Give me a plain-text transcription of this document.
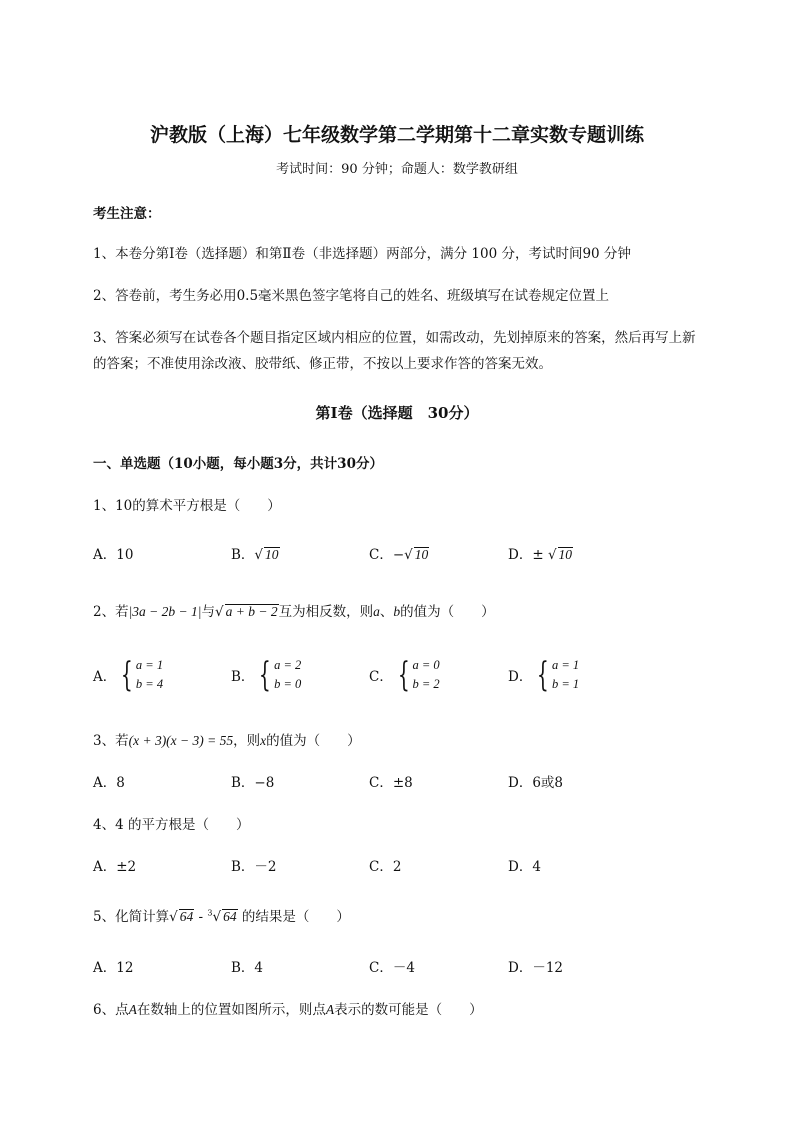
沪教版（上海）七年级数学第二学期第十二章实数专题训练
考试时间：90 分钟；命题人：数学教研组
考生注意：
1、本卷分第Ⅰ卷（选择题）和第Ⅱ卷（非选择题）两部分，满分 100 分，考试时间90 分钟
2、答卷前，考生务必用0.5毫米黑色签字笔将自己的姓名、班级填写在试卷规定位置上
3、答案必须写在试卷各个题目指定区域内相应的位置，如需改动，先划掉原来的答案，然后再写上新
的答案；不准使用涂改液、胶带纸、修正带，不按以上要求作答的答案无效。
第Ⅰ卷（选择题　30分）
一、单选题（10小题，每小题3分，共计30分）
1、10的算术平方根是（　　）
A．10	B．√ 10	C．−√ 10	D．± √ 10
2、若|3a − 2b − 1|与√ a + b − 2互为相反数，则a、b的值为（　　）
A． { a = 1
b = 4	B． { a = 2
b = 0	C． { a = 0
b = 2	D． { a = 1
b = 1
3、若(x + 3)(x − 3) = 55，则x的值为（　　）
A．8	B．−8	C．±8	D．6或8
4、4 的平方根是（　　）
A．±2	B．－2	C．2	D．4
5、化简计算√ 64 - $^3$√ 64 的结果是（　　）
A．12	B．4	C．－4	D．－12
6、点A在数轴上的位置如图所示，则点A表示的数可能是（　　）
